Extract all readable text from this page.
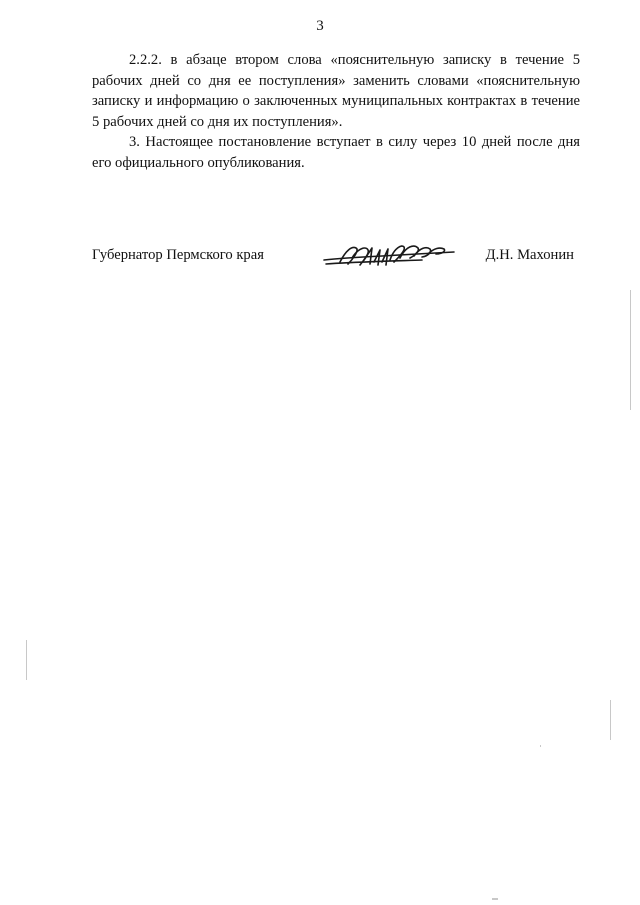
3

2.2.2. в абзаце втором слова «пояснительную записку в течение 5 рабочих дней со дня ее поступления» заменить словами «пояснительную записку и информацию о заключенных муниципальных контрактах в течение 5 рабочих дней со дня их поступления».

3. Настоящее постановление вступает в силу через 10 дней после дня его официального опубликования.

Губернатор Пермского края	Д.Н. Махонин
